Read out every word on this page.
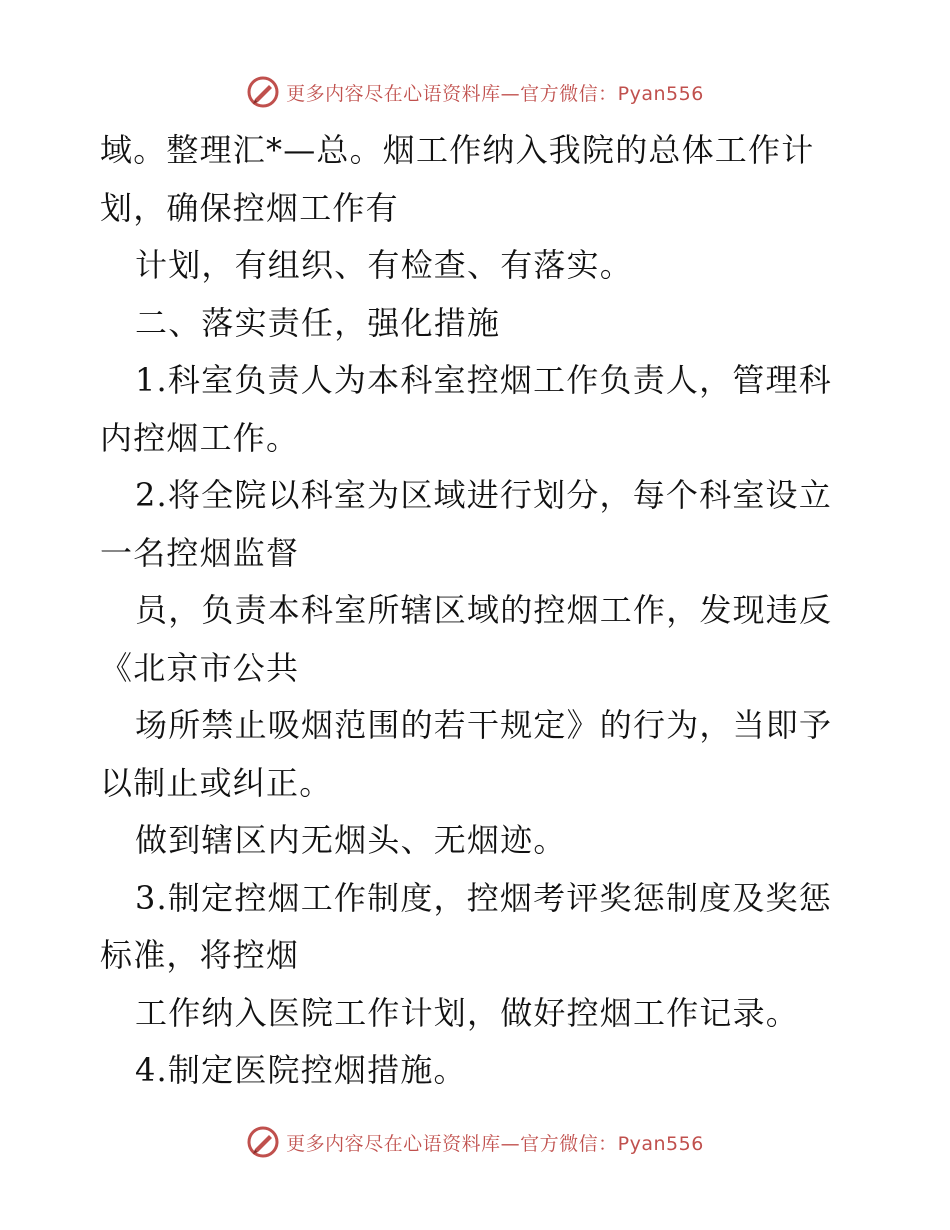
更多内容尽在心语资料库—官方微信：Pyan556

域。整理汇*—总。烟工作纳入我院的总体工作计

划，确保控烟工作有

计划，有组织、有检查、有落实。

二、落实责任，强化措施

1.科室负责人为本科室控烟工作负责人，管理科

内控烟工作。

2.将全院以科室为区域进行划分，每个科室设立

一名控烟监督

员，负责本科室所辖区域的控烟工作，发现违反

《北京市公共

场所禁止吸烟范围的若干规定》的行为，当即予

以制止或纠正。

做到辖区内无烟头、无烟迹。

3.制定控烟工作制度，控烟考评奖惩制度及奖惩

标准，将控烟

工作纳入医院工作计划，做好控烟工作记录。

4.制定医院控烟措施。

更多内容尽在心语资料库—官方微信：Pyan556
